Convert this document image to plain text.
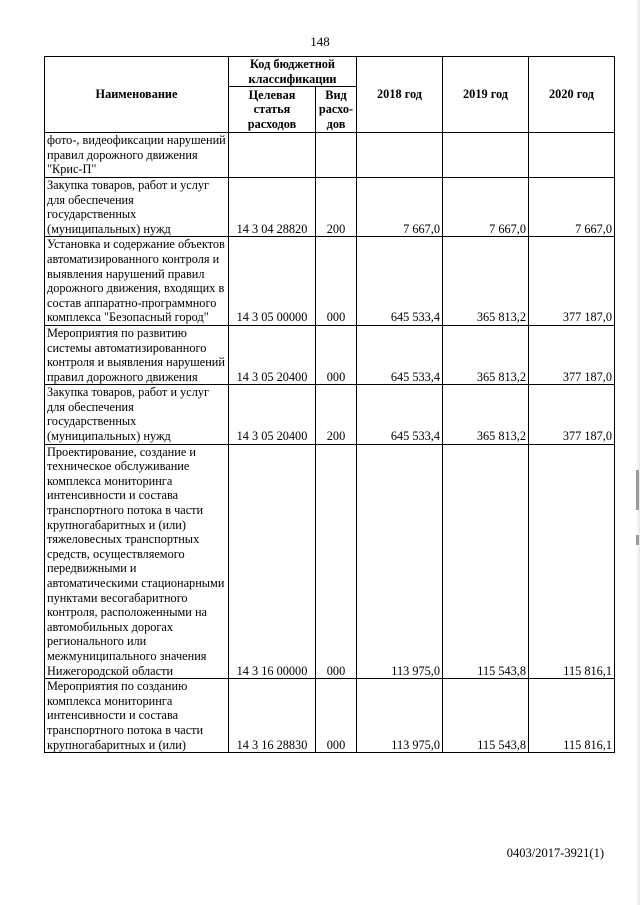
148
Наименование	Код бюджетной классификации		2018 год	2019 год	2020 год
	Целевая статья расходов	Вид расхо-дов			
фото-, видеофиксации нарушений правил дорожного движения "Крис-П"					
Закупка товаров, работ и услуг для обеспечения государственных (муниципальных) нужд	14 3 04 28820	200	7 667,0	7 667,0	7 667,0
Установка и содержание объектов автоматизированного контроля и выявления нарушений правил дорожного движения, входящих в состав аппаратно-программного комплекса "Безопасный город"	14 3 05 00000	000	645 533,4	365 813,2	377 187,0
Мероприятия по развитию системы автоматизированного контроля и выявления нарушений правил дорожного движения	14 3 05 20400	000	645 533,4	365 813,2	377 187,0
Закупка товаров, работ и услуг для обеспечения государственных (муниципальных) нужд	14 3 05 20400	200	645 533,4	365 813,2	377 187,0
Проектирование, создание и техническое обслуживание комплекса мониторинга интенсивности и состава транспортного потока в части крупногабаритных и (или) тяжеловесных транспортных средств, осуществляемого передвижными и автоматическими стационарными пунктами весогабаритного контроля, расположенными на автомобильных дорогах регионального или межмуниципального значения Нижегородской области	14 3 16 00000	000	113 975,0	115 543,8	115 816,1
Мероприятия по созданию комплекса мониторинга интенсивности и состава транспортного потока в части крупногабаритных и (или)	14 3 16 28830	000	113 975,0	115 543,8	115 816,1
0403/2017-3921(1)
